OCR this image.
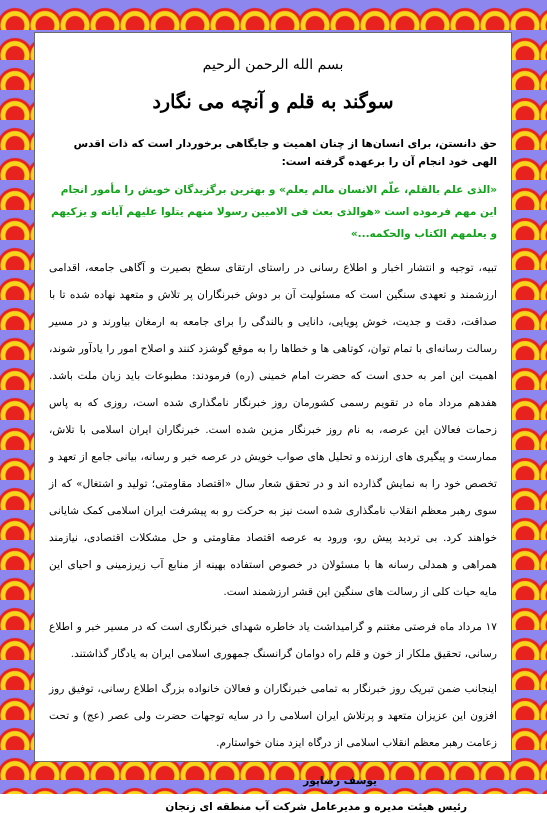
بسم الله الرحمن الرحیم
سوگند به قلم و آنچه می نگارد
حق دانستن، برای انسان‌ها از چنان اهمیت و جایگاهی برخوردار است که ذات اقدس الهی خود انجام آن را برعهده گرفته است:
«الذی علم بالقلم، علّم الانسان مالم یعلم» و بهترین برگزیدگان خویش را مأمور انجام این مهم فرموده است «هوالذی بعث فی الامیین رسولا منهم یتلوا علیهم آیاته و یزکیهم و یعلمهم الکتاب والحکمه...»

تبیه، توجیه و انتشار اخبار و اطلاع رسانی در راستای ارتقای سطح بصیرت و آگاهی جامعه، اقدامی ارزشمند و تعهدی سنگین است که مسئولیت آن بر دوش خبرنگاران پر تلاش و متعهد نهاده شده تا با صداقت، دقت و جدیت، خوش پویایی، دانایی و بالندگی را برای جامعه به ارمغان بیاورند و در مسیر رسالت رسانه‌ای با تمام توان، کوتاهی ها و خطاها را به موقع گوشزد کنند و اصلاح امور را یادآور شوند، اهمیت این امر به حدی است که حضرت امام خمینی (ره) فرمودند: مطبوعات باید زبان ملت باشد. هفدهم مرداد ماه در تقویم رسمی کشورمان روز خبرنگار نامگذاری شده است، روزی که به پاس زحمات فعالان این عرصه، به نام روز خبرنگار مزین شده است. خبرنگاران ایران اسلامی با تلاش، ممارست و پیگیری های ارزنده و تحلیل های صواب خویش در عرصه خبر و رسانه، بیانی جامع از تعهد و تخصص خود را به نمایش گذارده اند و در تحقق شعار سال «اقتصاد مقاومتی؛ تولید و اشتغال» که از سوی رهبر معظم انقلاب نامگذاری شده است نیز به حرکت رو به پیشرفت ایران اسلامی کمک شایانی خواهند کرد. بی تردید پیش رو، ورود به عرصه اقتصاد مقاومتی و حل مشکلات اقتصادی، نیازمند همراهی و همدلی رسانه ها با مسئولان در خصوص استفاده بهینه از منابع آب زیرزمینی و احیای این مایه حیات کلی از رسالت های سنگین این قشر ارزشمند است.

۱۷ مرداد ماه فرصتی مغتنم و گرامیداشت یاد خاطره شهدای خبرنگاری است که در مسیر خبر و اطلاع رسانی، تحقیق ملکار از خون و قلم راه دوامان گرانسنگ جمهوری اسلامی ایران به یادگار گذاشتند.

اینجانب ضمن تبریک روز خبرنگار به تمامی خبرنگاران و فعالان خانواده بزرگ اطلاع رسانی، توفیق روز افزون این عزیزان متعهد و پرتلاش ایران اسلامی را در سایه توجهات حضرت ولی عصر (عج) و تحت زعامت رهبر معظم انقلاب اسلامی از درگاه ایزد منان خواستارم.

یوسف رضاپور
رئیس هیئت مدیره و مدیرعامل شرکت آب منطقه ای زنجان
